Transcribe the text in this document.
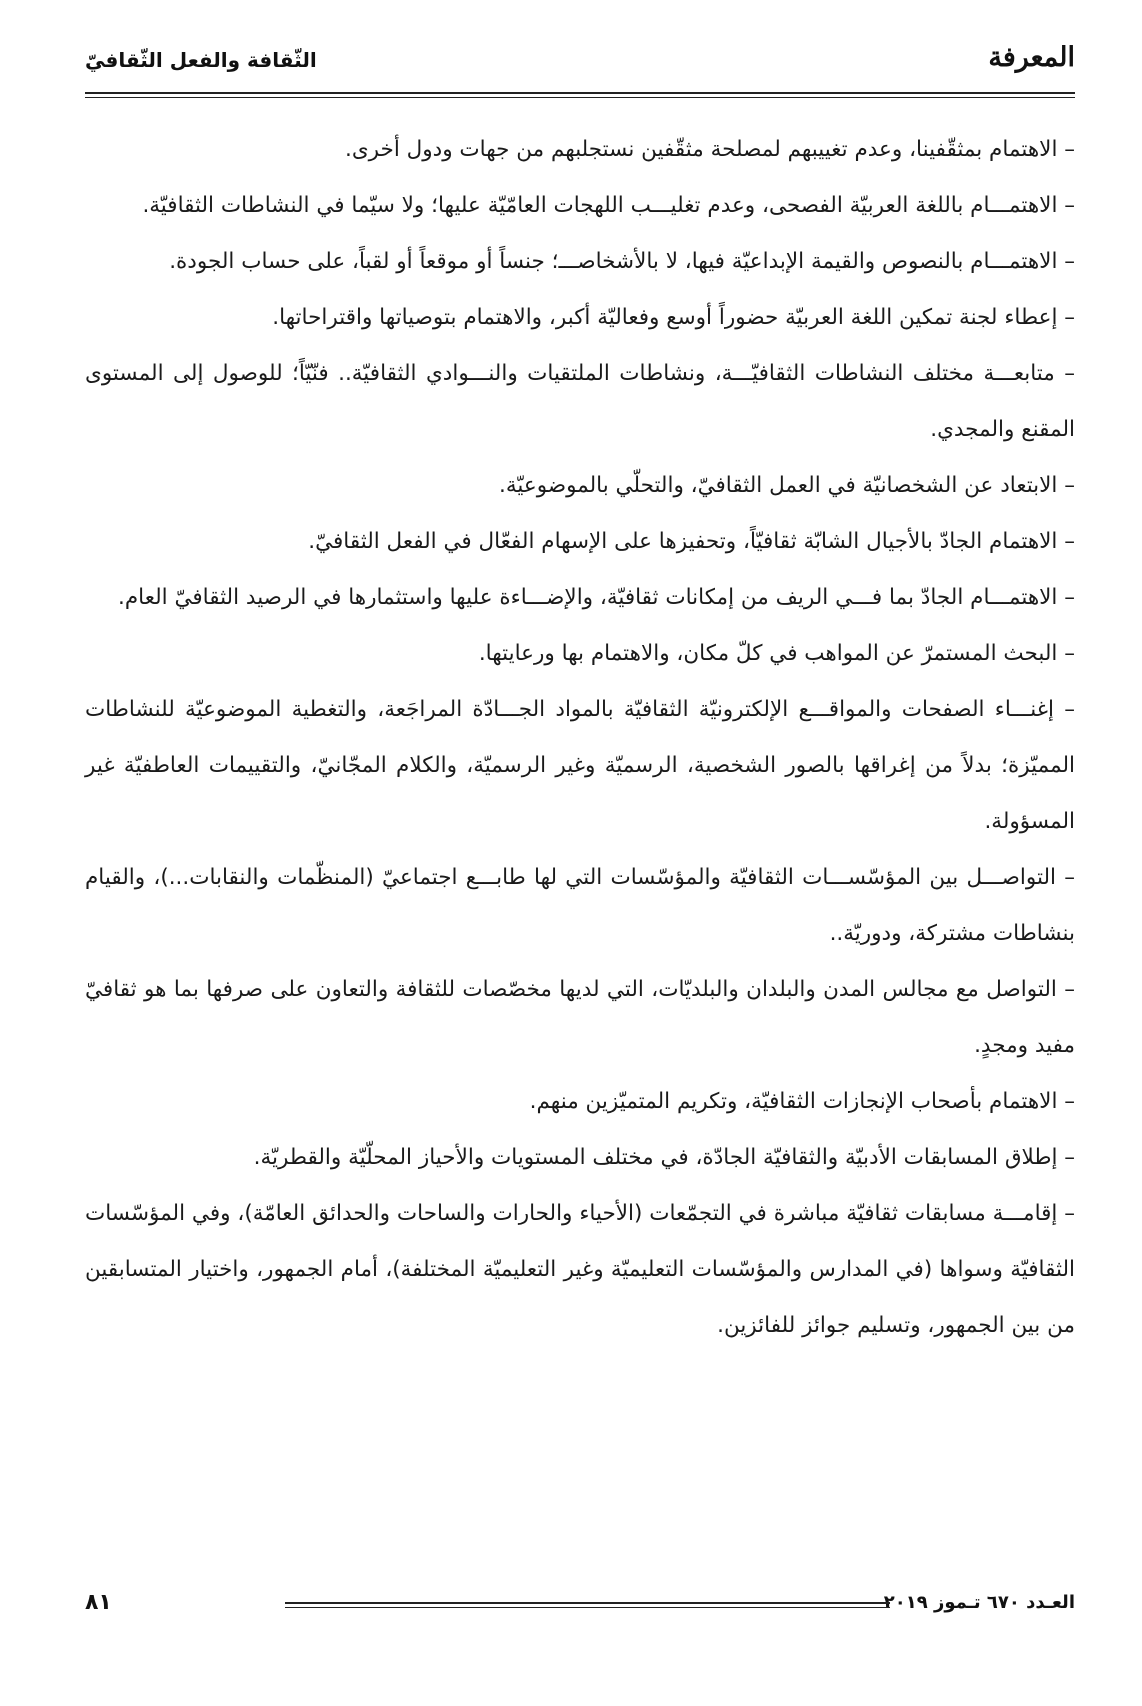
المعرفة
الثّقافة والفعل الثّقافيّ

– الاهتمام بمثقّفينا، وعدم تغييبهم لمصلحة مثقّفين نستجلبهم من جهات ودول أخرى.

– الاهتمـــام باللغة العربيّة الفصحى، وعدم تغليـــب اللهجات العامّيّة عليها؛ ولا سيّما في النشاطات الثقافيّة.

– الاهتمـــام بالنصوص والقيمة الإبداعيّة فيها، لا بالأشخاصـــ؛ جنساً أو موقعاً أو لقباً، على حساب الجودة.

– إعطاء لجنة تمكين اللغة العربيّة حضوراً أوسع وفعاليّة أكبر، والاهتمام بتوصياتها واقتراحاتها.

– متابعـــة مختلف النشاطات الثقافيّـــة، ونشاطات الملتقيات والنـــوادي الثقافيّة.. فنّيّاً؛ للوصول إلى المستوى المقنع والمجدي.

– الابتعاد عن الشخصانيّة في العمل الثقافيّ، والتحلّي بالموضوعيّة.

– الاهتمام الجادّ بالأجيال الشابّة ثقافيّاً، وتحفيزها على الإسهام الفعّال في الفعل الثقافيّ.

– الاهتمـــام الجادّ بما فـــي الريف من إمكانات ثقافيّة، والإضـــاءة عليها واستثمارها في الرصيد الثقافيّ العام.

– البحث المستمرّ عن المواهب في كلّ مكان، والاهتمام بها ورعايتها.

– إغنـــاء الصفحات والمواقـــع الإلكترونيّة الثقافيّة بالمواد الجـــادّة المراجَعة، والتغطية الموضوعيّة للنشاطات المميّزة؛ بدلاً من إغراقها بالصور الشخصية، الرسميّة وغير الرسميّة، والكلام المجّانيّ، والتقييمات العاطفيّة غير المسؤولة.

– التواصـــل بين المؤسّســـات الثقافيّة والمؤسّسات التي لها طابـــع اجتماعيّ (المنظّمات والنقابات...)، والقيام بنشاطات مشتركة، ودوريّة..

– التواصل مع مجالس المدن والبلدان والبلديّات، التي لديها مخصّصات للثقافة والتعاون على صرفها بما هو ثقافيّ مفيد ومجدٍ.

– الاهتمام بأصحاب الإنجازات الثقافيّة، وتكريم المتميّزين منهم.

– إطلاق المسابقات الأدبيّة والثقافيّة الجادّة، في مختلف المستويات والأحياز المحلّيّة والقطريّة.

– إقامـــة مسابقات ثقافيّة مباشرة في التجمّعات (الأحياء والحارات والساحات والحدائق العامّة)، وفي المؤسّسات الثقافيّة وسواها (في المدارس والمؤسّسات التعليميّة وغير التعليميّة المختلفة)، أمام الجمهور، واختيار المتسابقين من بين الجمهور، وتسليم جوائز للفائزين.

العـدد ٦٧٠ تـموز ٢٠١٩
٨١
